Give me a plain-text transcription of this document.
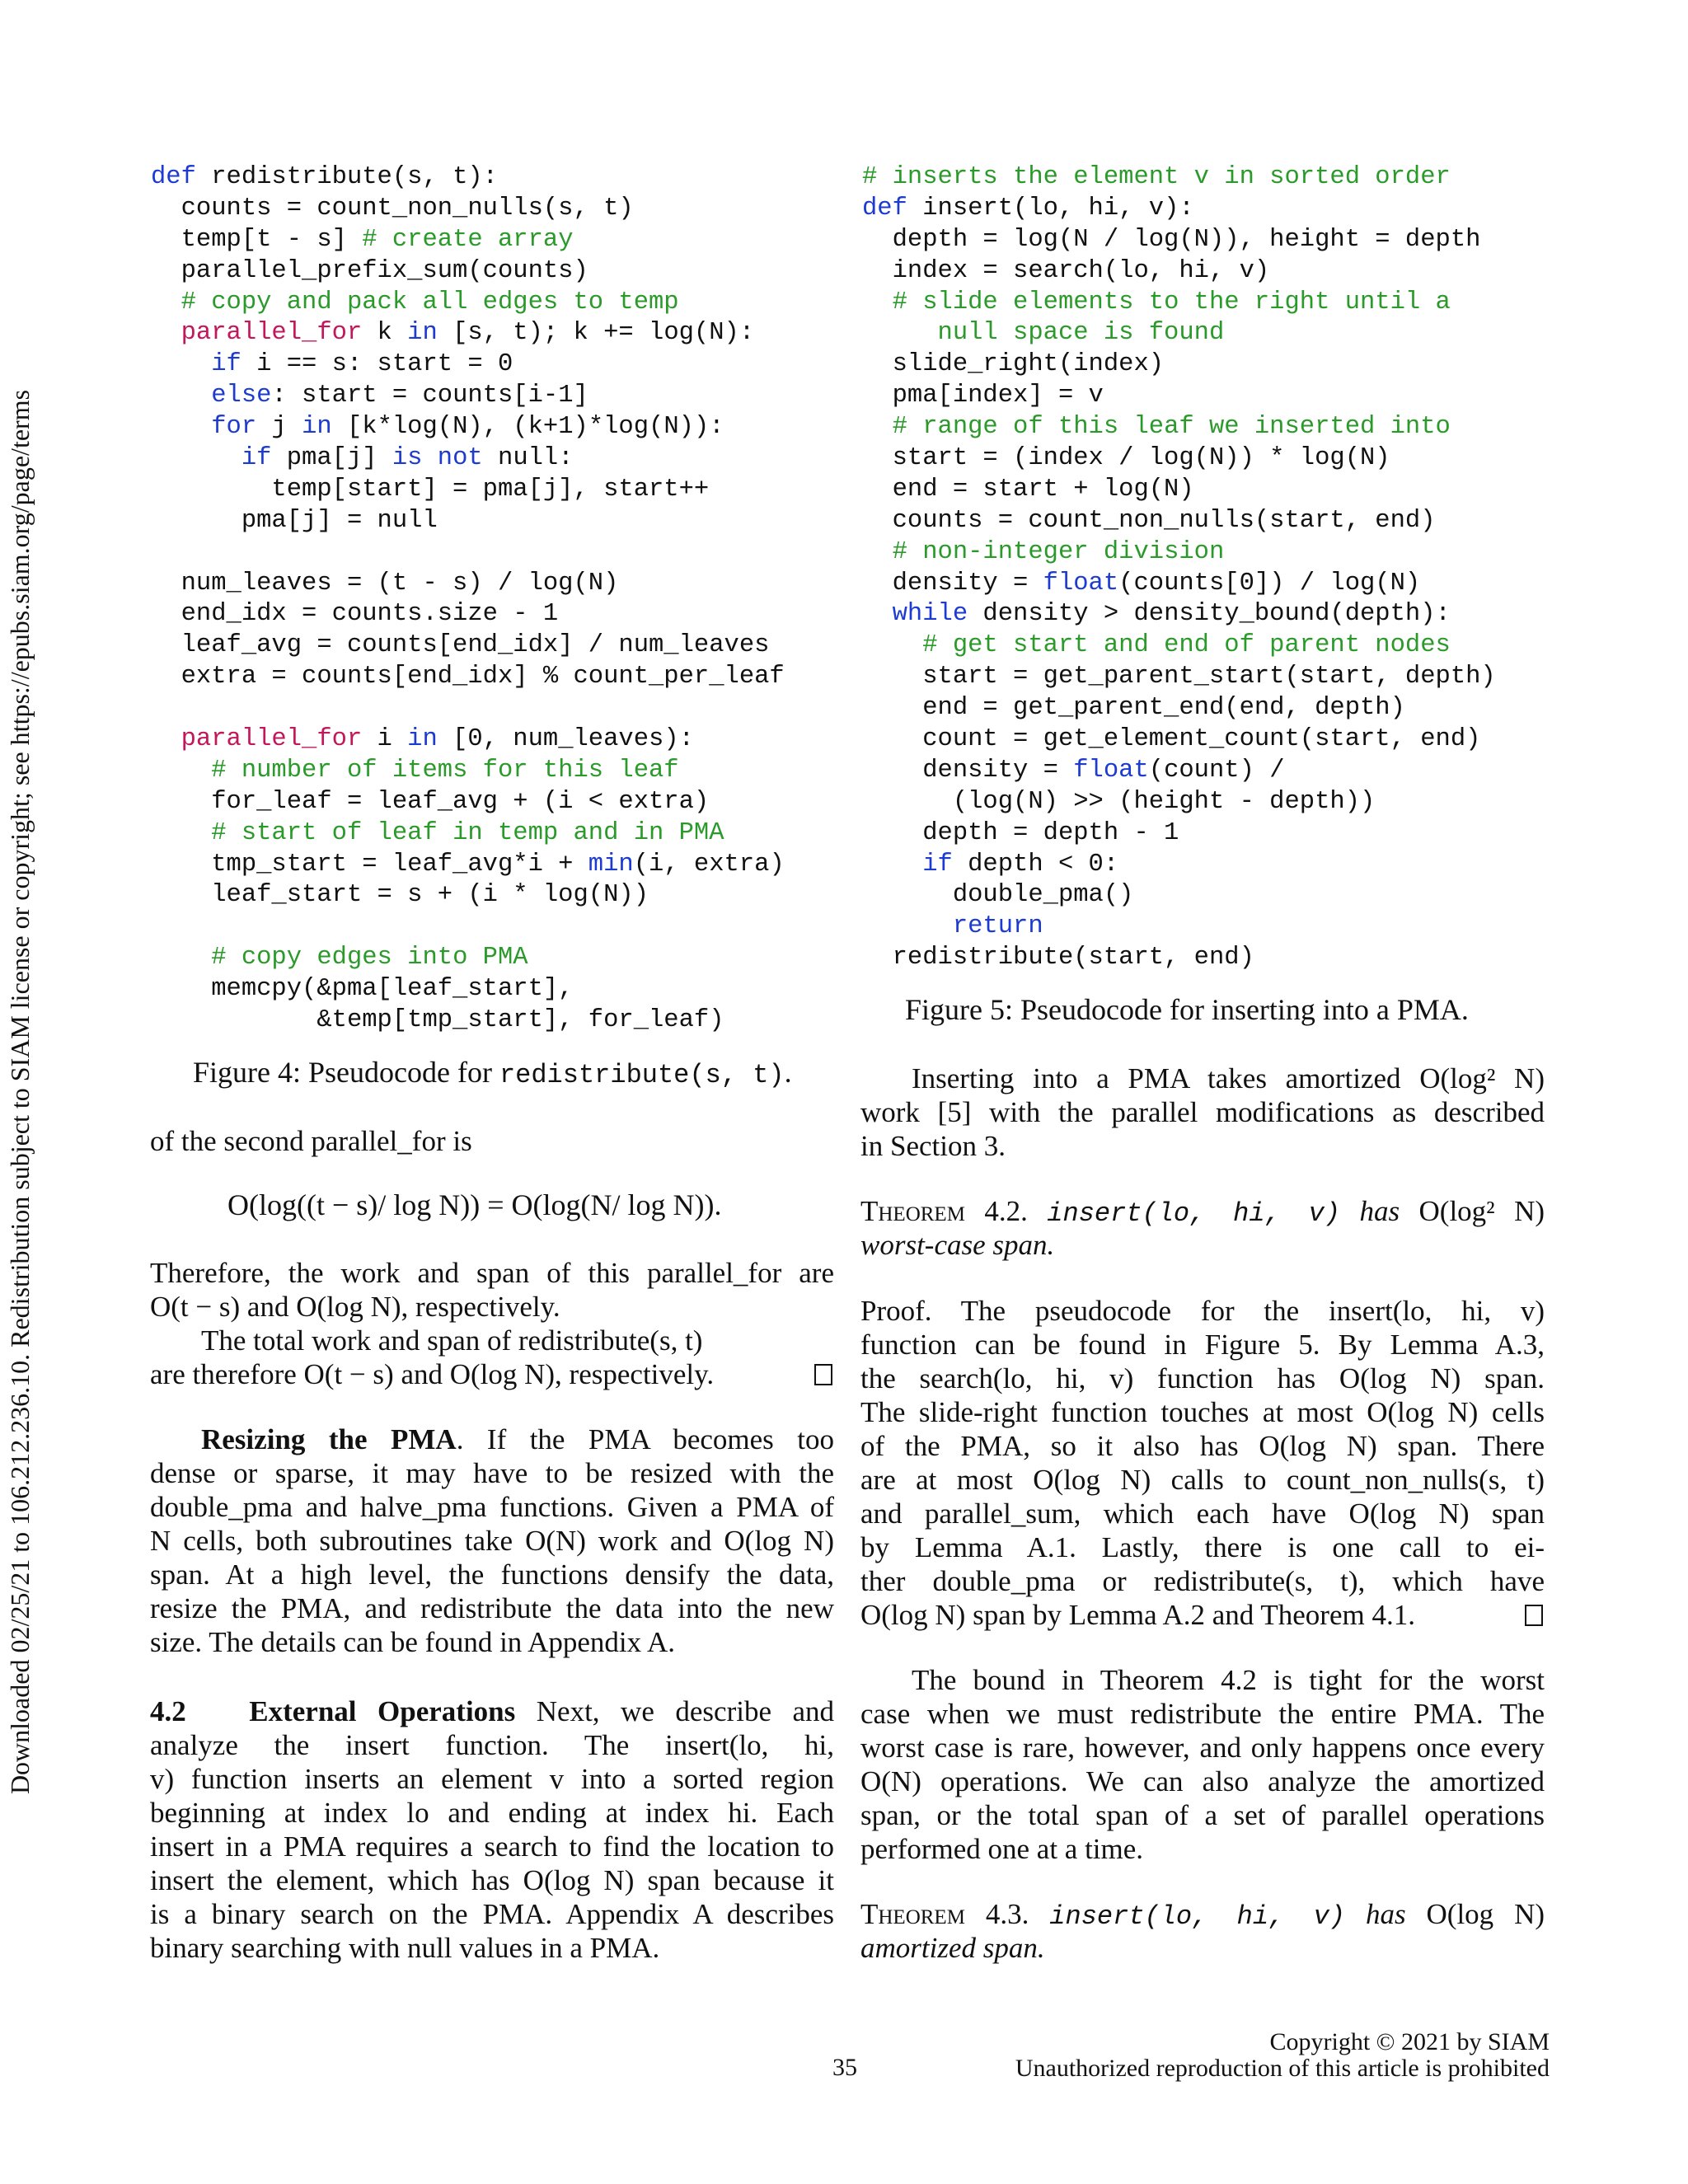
Downloaded 02/25/21 to 106.212.236.10. Redistribution subject to SIAM license or copyright; see https://epubs.siam.org/page/terms
def redistribute(s, t):
counts = count_non_nulls(s, t)
temp[t - s] # create array
parallel_prefix_sum(counts)
# copy and pack all edges to temp
parallel_for k in [s, t); k += log(N):
if i == s: start = 0
else: start = counts[i-1]
for j in [k*log(N), (k+1)*log(N)):
if pma[j] is not null:
temp[start] = pma[j], start++
pma[j] = null

num_leaves = (t - s) / log(N)
end_idx = counts.size - 1
leaf_avg = counts[end_idx] / num_leaves
extra = counts[end_idx] % count_per_leaf

parallel_for i in [0, num_leaves):
# number of items for this leaf
for_leaf = leaf_avg + (i < extra)
# start of leaf in temp and in PMA
tmp_start = leaf_avg*i + min(i, extra)
leaf_start = s + (i * log(N))

# copy edges into PMA
memcpy(&pma[leaf_start],
&temp[tmp_start], for_leaf)
Figure 4: Pseudocode for redistribute(s, t).
# inserts the element v in sorted order
def insert(lo, hi, v):
depth = log(N / log(N)), height = depth
index = search(lo, hi, v)
# slide elements to the right until a
null space is found
slide_right(index)
pma[index] = v
# range of this leaf we inserted into
start = (index / log(N)) * log(N)
end = start + log(N)
counts = count_non_nulls(start, end)
# non-integer division
density = float(counts[0]) / log(N)
while density > density_bound(depth):
# get start and end of parent nodes
start = get_parent_start(start, depth)
end = get_parent_end(end, depth)
count = get_element_count(start, end)
density = float(count) /
(log(N) >> (height - depth))
depth = depth - 1
if depth < 0:
double_pma()
return
redistribute(start, end)
Figure 5: Pseudocode for inserting into a PMA.
of the second parallel_for is
O(log((t − s)/ log N)) = O(log(N/ log N)).
Therefore, the work and span of this parallel_for are
O(t − s) and O(log N), respectively.
The total work and span of redistribute(s, t)
are therefore O(t − s) and O(log N), respectively.
Resizing the PMA. If the PMA becomes too
dense or sparse, it may have to be resized with the
double_pma and halve_pma functions. Given a PMA of
N cells, both subroutines take O(N) work and O(log N)
span. At a high level, the functions densify the data,
resize the PMA, and redistribute the data into the new
size. The details can be found in Appendix A.
4.2 External Operations Next, we describe and
analyze the insert function. The insert(lo, hi,
v) function inserts an element v into a sorted region
beginning at index lo and ending at index hi. Each
insert in a PMA requires a search to find the location to
insert the element, which has O(log N) span because it
is a binary search on the PMA. Appendix A describes
binary searching with null values in a PMA.
Inserting into a PMA takes amortized O(log² N)
work [5] with the parallel modifications as described
in Section 3.
Theorem 4.2. insert(lo, hi, v) has O(log² N)
worst-case span.
Proof. The pseudocode for the insert(lo, hi, v)
function can be found in Figure 5. By Lemma A.3,
the search(lo, hi, v) function has O(log N) span.
The slide-right function touches at most O(log N) cells
of the PMA, so it also has O(log N) span. There
are at most O(log N) calls to count_non_nulls(s, t)
and parallel_sum, which each have O(log N) span
by Lemma A.1. Lastly, there is one call to ei-
ther double_pma or redistribute(s, t), which have
O(log N) span by Lemma A.2 and Theorem 4.1.
The bound in Theorem 4.2 is tight for the worst
case when we must redistribute the entire PMA. The
worst case is rare, however, and only happens once every
O(N) operations. We can also analyze the amortized
span, or the total span of a set of parallel operations
performed one at a time.
Theorem 4.3. insert(lo, hi, v) has O(log N)
amortized span.
35
Copyright © 2021 by SIAM
Unauthorized reproduction of this article is prohibited
